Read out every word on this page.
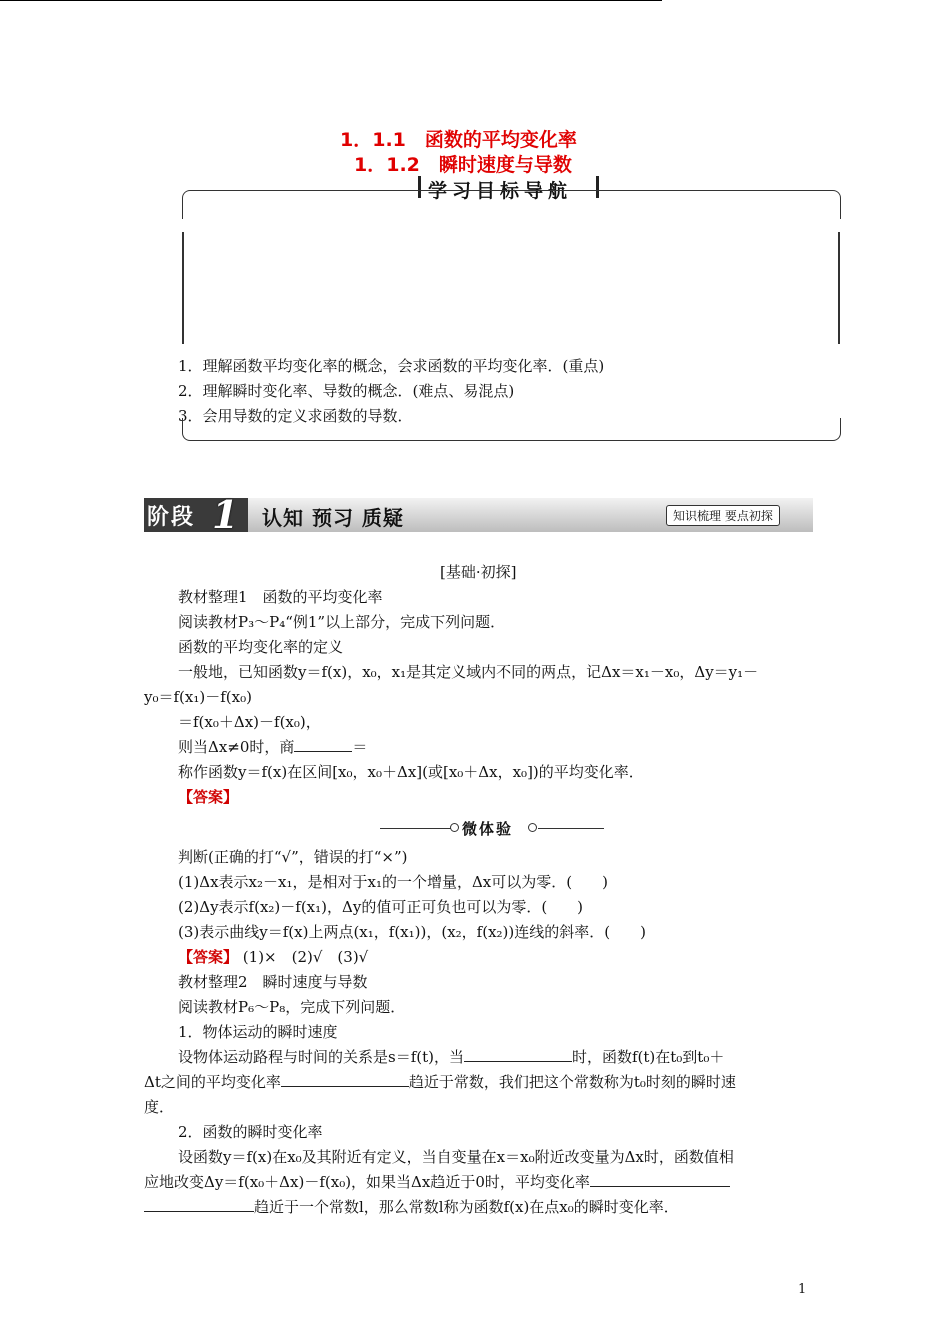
1．1.1　函数的平均变化率
1．1.2　瞬时速度与导数
学习目标导航
1．理解函数平均变化率的概念，会求函数的平均变化率．(重点)
2．理解瞬时变化率、导数的概念．(难点、易混点)
3．会用导数的定义求函数的导数．
阶段 1 认知 预习 质疑	知识梳理 要点初探
[基础·初探]
教材整理1　函数的平均变化率
阅读教材P₃～P₄“例1”以上部分，完成下列问题．
函数的平均变化率的定义
一般地，已知函数y＝f(x)，x₀，x₁是其定义域内不同的两点，记Δx＝x₁－x₀，Δy＝y₁－
y₀＝f(x₁)－f(x₀)
＝f(x₀＋Δx)－f(x₀)，
则当Δx≠0时，商	＝
称作函数y＝f(x)在区间[x₀，x₀＋Δx](或[x₀＋Δx，x₀])的平均变化率．
【答案】
微体验
判断(正确的打“√”，错误的打“×”)
(1)Δx表示x₂－x₁，是相对于x₁的一个增量，Δx可以为零．(　　)
(2)Δy表示f(x₂)－f(x₁)，Δy的值可正可负也可以为零．(　　)
(3)表示曲线y＝f(x)上两点(x₁，f(x₁))，(x₂，f(x₂))连线的斜率．(　　)
【答案】 (1)×　(2)√　(3)√
教材整理2　瞬时速度与导数
阅读教材P₆～P₈，完成下列问题．
1．物体运动的瞬时速度
设物体运动路程与时间的关系是s＝f(t)，当	时，函数f(t)在t₀到t₀＋
Δt之间的平均变化率	趋近于常数，我们把这个常数称为t₀时刻的瞬时速
度．
2．函数的瞬时变化率
设函数y＝f(x)在x₀及其附近有定义，当自变量在x＝x₀附近改变量为Δx时，函数值相
应地改变Δy＝f(x₀＋Δx)－f(x₀)，如果当Δx趋近于0时，平均变化率
趋近于一个常数l，那么常数l称为函数f(x)在点x₀的瞬时变化率．
1
